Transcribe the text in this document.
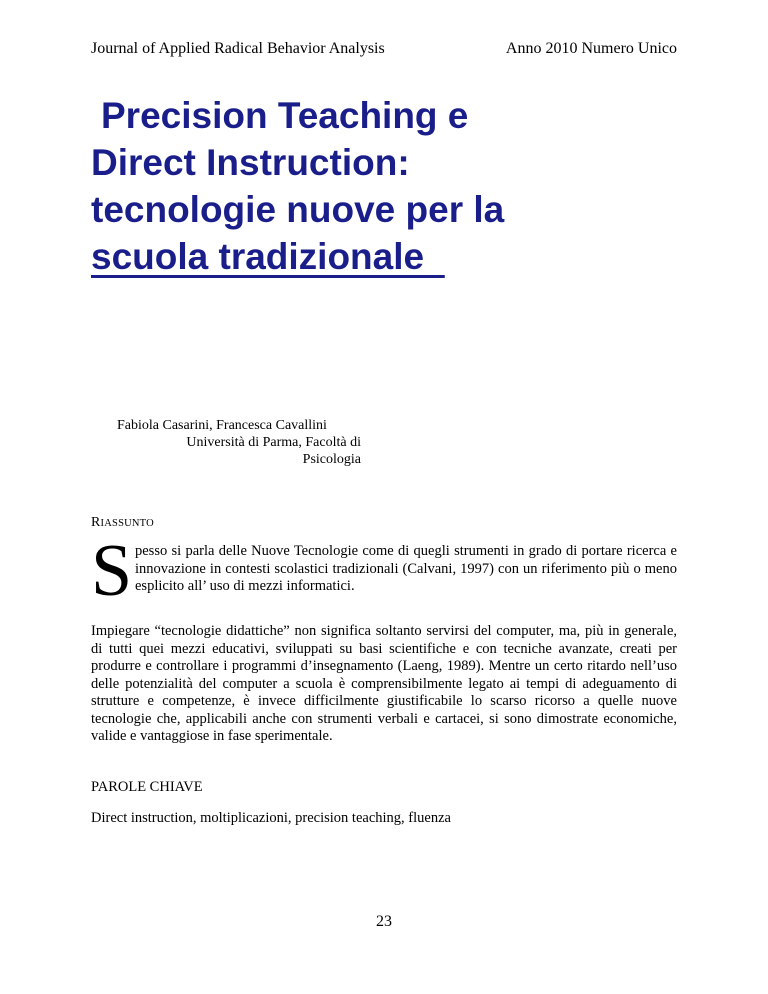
Journal of Applied Radical Behavior Analysis	Anno 2010 Numero Unico
Precision Teaching e
Direct Instruction:
tecnologie nuove per la
scuola tradizionale
Fabiola Casarini, Francesca Cavallini
Università di Parma, Facoltà di
Psicologia
RIASSUNTO
S pesso si parla delle Nuove Tecnologie come di quegli strumenti in grado di portare ricerca e innovazione in contesti scolastici tradizionali (Calvani, 1997) con un riferimento più o meno esplicito all’ uso di mezzi informatici.
Impiegare “tecnologie didattiche” non significa soltanto servirsi del computer, ma, più in generale, di tutti quei mezzi educativi, sviluppati su basi scientifiche e con tecniche avanzate, creati per produrre e controllare i programmi d’insegnamento (Laeng, 1989). Mentre un certo ritardo nell’uso delle potenzialità del computer a scuola è comprensibilmente legato ai tempi di adeguamento di strutture e competenze, è invece difficilmente giustificabile lo scarso ricorso a quelle nuove tecnologie che, applicabili anche con strumenti verbali e cartacei, si sono dimostrate economiche, valide e vantaggiose in fase sperimentale.
PAROLE CHIAVE
Direct instruction, moltiplicazioni, precision teaching, fluenza
23
